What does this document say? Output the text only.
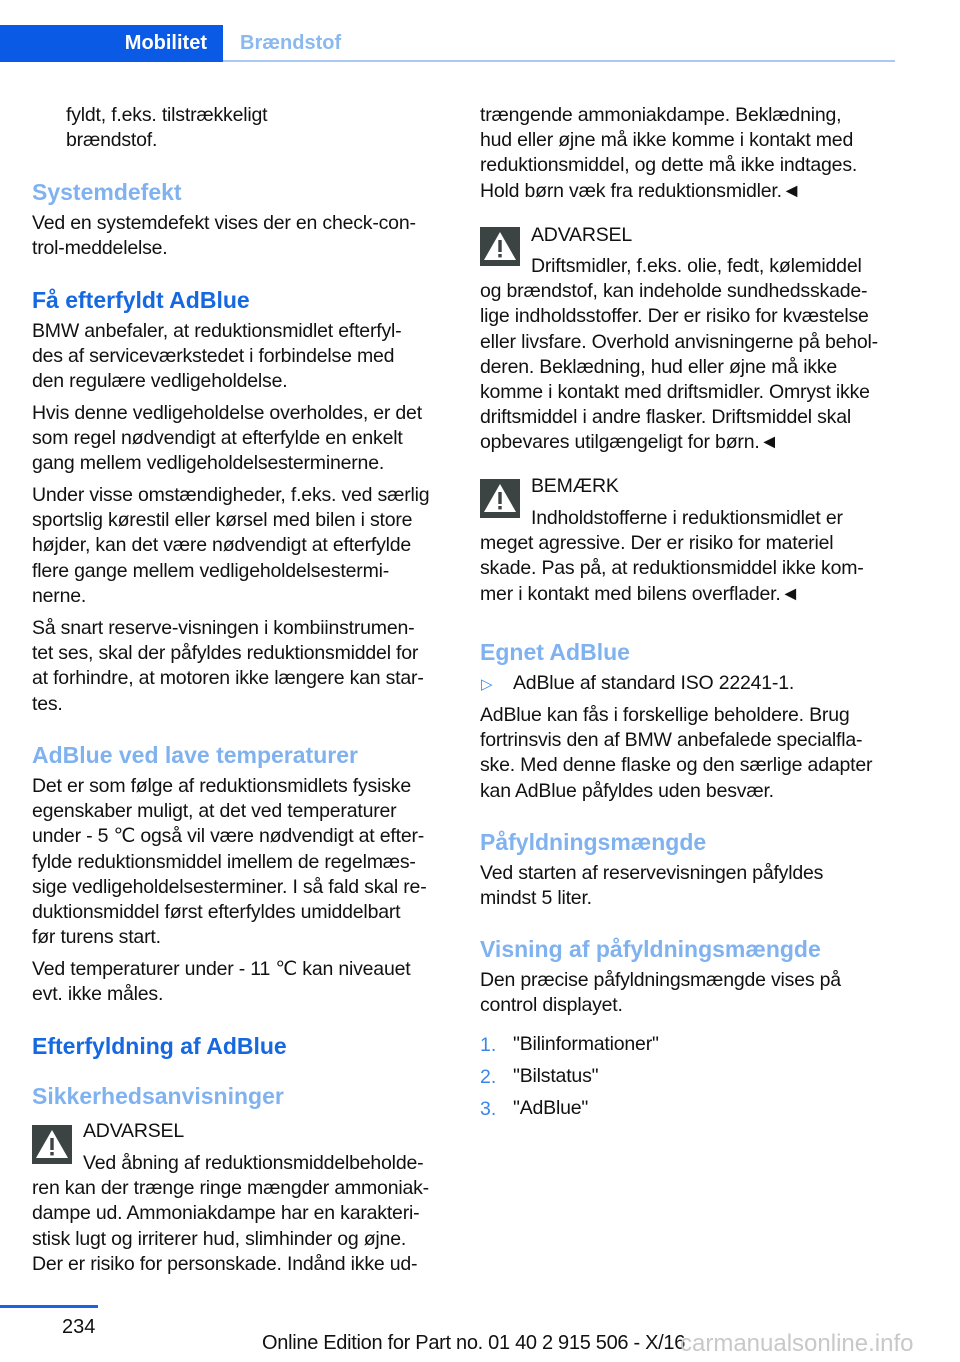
Mobilitet	Brændstof
fyldt, f.eks. tilstrækkeligt
brændstof.
Systemdefekt
Ved en systemdefekt vises der en check-con-
trol-meddelelse.
Få efterfyldt AdBlue
BMW anbefaler, at reduktionsmidlet efterfyl-
des af serviceværkstedet i forbindelse med
den regulære vedligeholdelse.
Hvis denne vedligeholdelse overholdes, er det
som regel nødvendigt at efterfylde en enkelt
gang mellem vedligeholdelsesterminerne.
Under visse omstændigheder, f.eks. ved særlig
sportslig kørestil eller kørsel med bilen i store
højder, kan det være nødvendigt at efterfylde
flere gange mellem vedligeholdelsestermi-
nerne.
Så snart reserve-visningen i kombiinstrumen-
tet ses, skal der påfyldes reduktionsmiddel for
at forhindre, at motoren ikke længere kan star-
tes.
AdBlue ved lave temperaturer
Det er som følge af reduktionsmidlets fysiske
egenskaber muligt, at det ved temperaturer
under - 5 ℃ også vil være nødvendigt at efter-
fylde reduktionsmiddel imellem de regelmæs-
sige vedligeholdelsesterminer. I så fald skal re-
duktionsmiddel først efterfyldes umiddelbart
før turens start.
Ved temperaturer under - 11 ℃ kan niveauet
evt. ikke måles.
Efterfyldning af AdBlue
Sikkerhedsanvisninger
ADVARSEL
Ved åbning af reduktionsmiddelbeholde-
ren kan der trænge ringe mængder ammoniak-
dampe ud. Ammoniakdampe har en karakteri-
stisk lugt og irriterer hud, slimhinder og øjne.
Der er risiko for personskade. Indånd ikke ud-
trængende ammoniakdampe. Beklædning,
hud eller øjne må ikke komme i kontakt med
reduktionsmiddel, og dette må ikke indtages.
Hold børn væk fra reduktionsmidler.◄
ADVARSEL
Driftsmidler, f.eks. olie, fedt, kølemiddel
og brændstof, kan indeholde sundhedsskade-
lige indholdsstoffer. Der er risiko for kvæstelse
eller livsfare. Overhold anvisningerne på behol-
deren. Beklædning, hud eller øjne må ikke
komme i kontakt med driftsmidler. Omryst ikke
driftsmiddel i andre flasker. Driftsmiddel skal
opbevares utilgængeligt for børn.◄
BEMÆRK
Indholdstofferne i reduktionsmidlet er
meget agressive. Der er risiko for materiel
skade. Pas på, at reduktionsmiddel ikke kom-
mer i kontakt med bilens overflader.◄
Egnet AdBlue
▷ AdBlue af standard ISO 22241-1.
AdBlue kan fås i forskellige beholdere. Brug
fortrinsvis den af BMW anbefalede specialfla-
ske. Med denne flaske og den særlige adapter
kan AdBlue påfyldes uden besvær.
Påfyldningsmængde
Ved starten af reservevisningen påfyldes
mindst 5 liter.
Visning af påfyldningsmængde
Den præcise påfyldningsmængde vises på
control displayet.
1. "Bilinformationer"
2. "Bilstatus"
3. "AdBlue"
234
Online Edition for Part no. 01 40 2 915 506 - X/16
carmanualsonline.info
